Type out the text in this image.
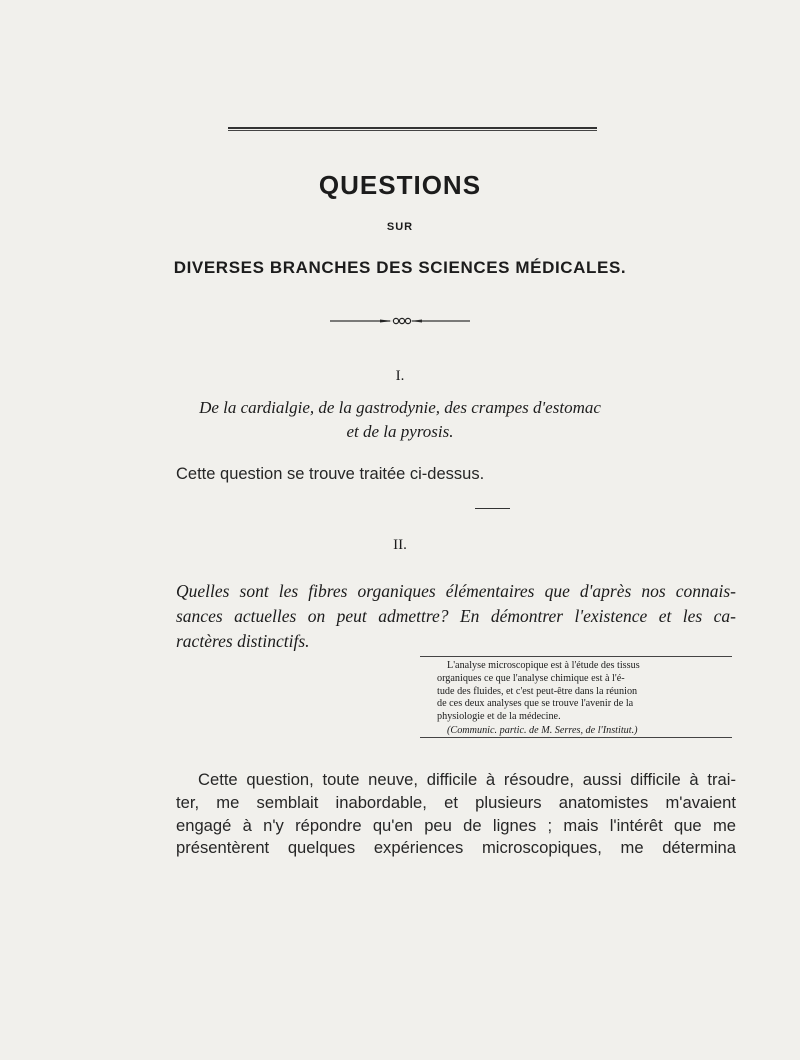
QUESTIONS
SUR
DIVERSES BRANCHES DES SCIENCES MÉDICALES.
I.
De la cardialgie, de la gastrodynie, des crampes d'estomac
et de la pyrosis.
Cette question se trouve traitée ci-dessus.
II.
Quelles sont les fibres organiques élémentaires que d'après nos connais-
sances actuelles on peut admettre? En démontrer l'existence et les ca-
ractères distinctifs.
L'analyse microscopique est à l'étude des tissus
organiques ce que l'analyse chimique est à l'é-
tude des fluides, et c'est peut-être dans la réunion
de ces deux analyses que se trouve l'avenir de la
physiologie et de la médecine.
(Communic. partic. de M. Serres, de l'Institut.)
Cette question, toute neuve, difficile à résoudre, aussi difficile à trai-
ter, me semblait inabordable, et plusieurs anatomistes m'avaient
engagé à n'y répondre qu'en peu de lignes ; mais l'intérêt que me
présentèrent quelques expériences microscopiques, me détermina
